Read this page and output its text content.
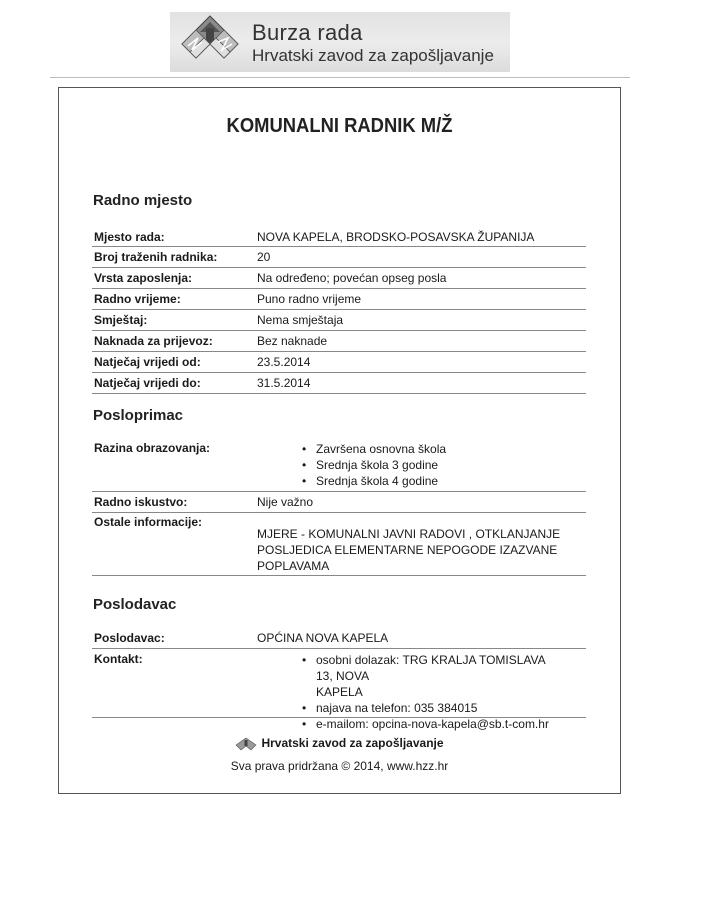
Burza rada
Hrvatski zavod za zapošljavanje
KOMUNALNI RADNIK M/Ž
Radno mjesto
Mjesto rada:	NOVA KAPELA, BRODSKO-POSAVSKA ŽUPANIJA
Broj traženih radnika:	20
Vrsta zaposlenja:	Na određeno; povećan opseg posla
Radno vrijeme:	Puno radno vrijeme
Smještaj:	Nema smještaja
Naknada za prijevoz:	Bez naknade
Natječaj vrijedi od:	23.5.2014
Natječaj vrijedi do:	31.5.2014
Posloprimac
Razina obrazovanja:	• Završena osnovna škola
• Srednja škola 3 godine
• Srednja škola 4 godine
Radno iskustvo:	Nije važno
Ostale informacije:
MJERE - KOMUNALNI JAVNI RADOVI , OTKLANJANJE
POSLJEDICA ELEMENTARNE NEPOGODE IZAZVANE
POPLAVAMA
Poslodavac
Poslodavac:	OPĆINA NOVA KAPELA
Kontakt:	• osobni dolazak: TRG KRALJA TOMISLAVA 13, NOVA
KAPELA
• najava na telefon: 035 384015
• e-mailom: opcina-nova-kapela@sb.t-com.hr
Hrvatski zavod za zapošljavanje
Sva prava pridržana © 2014, www.hzz.hr
